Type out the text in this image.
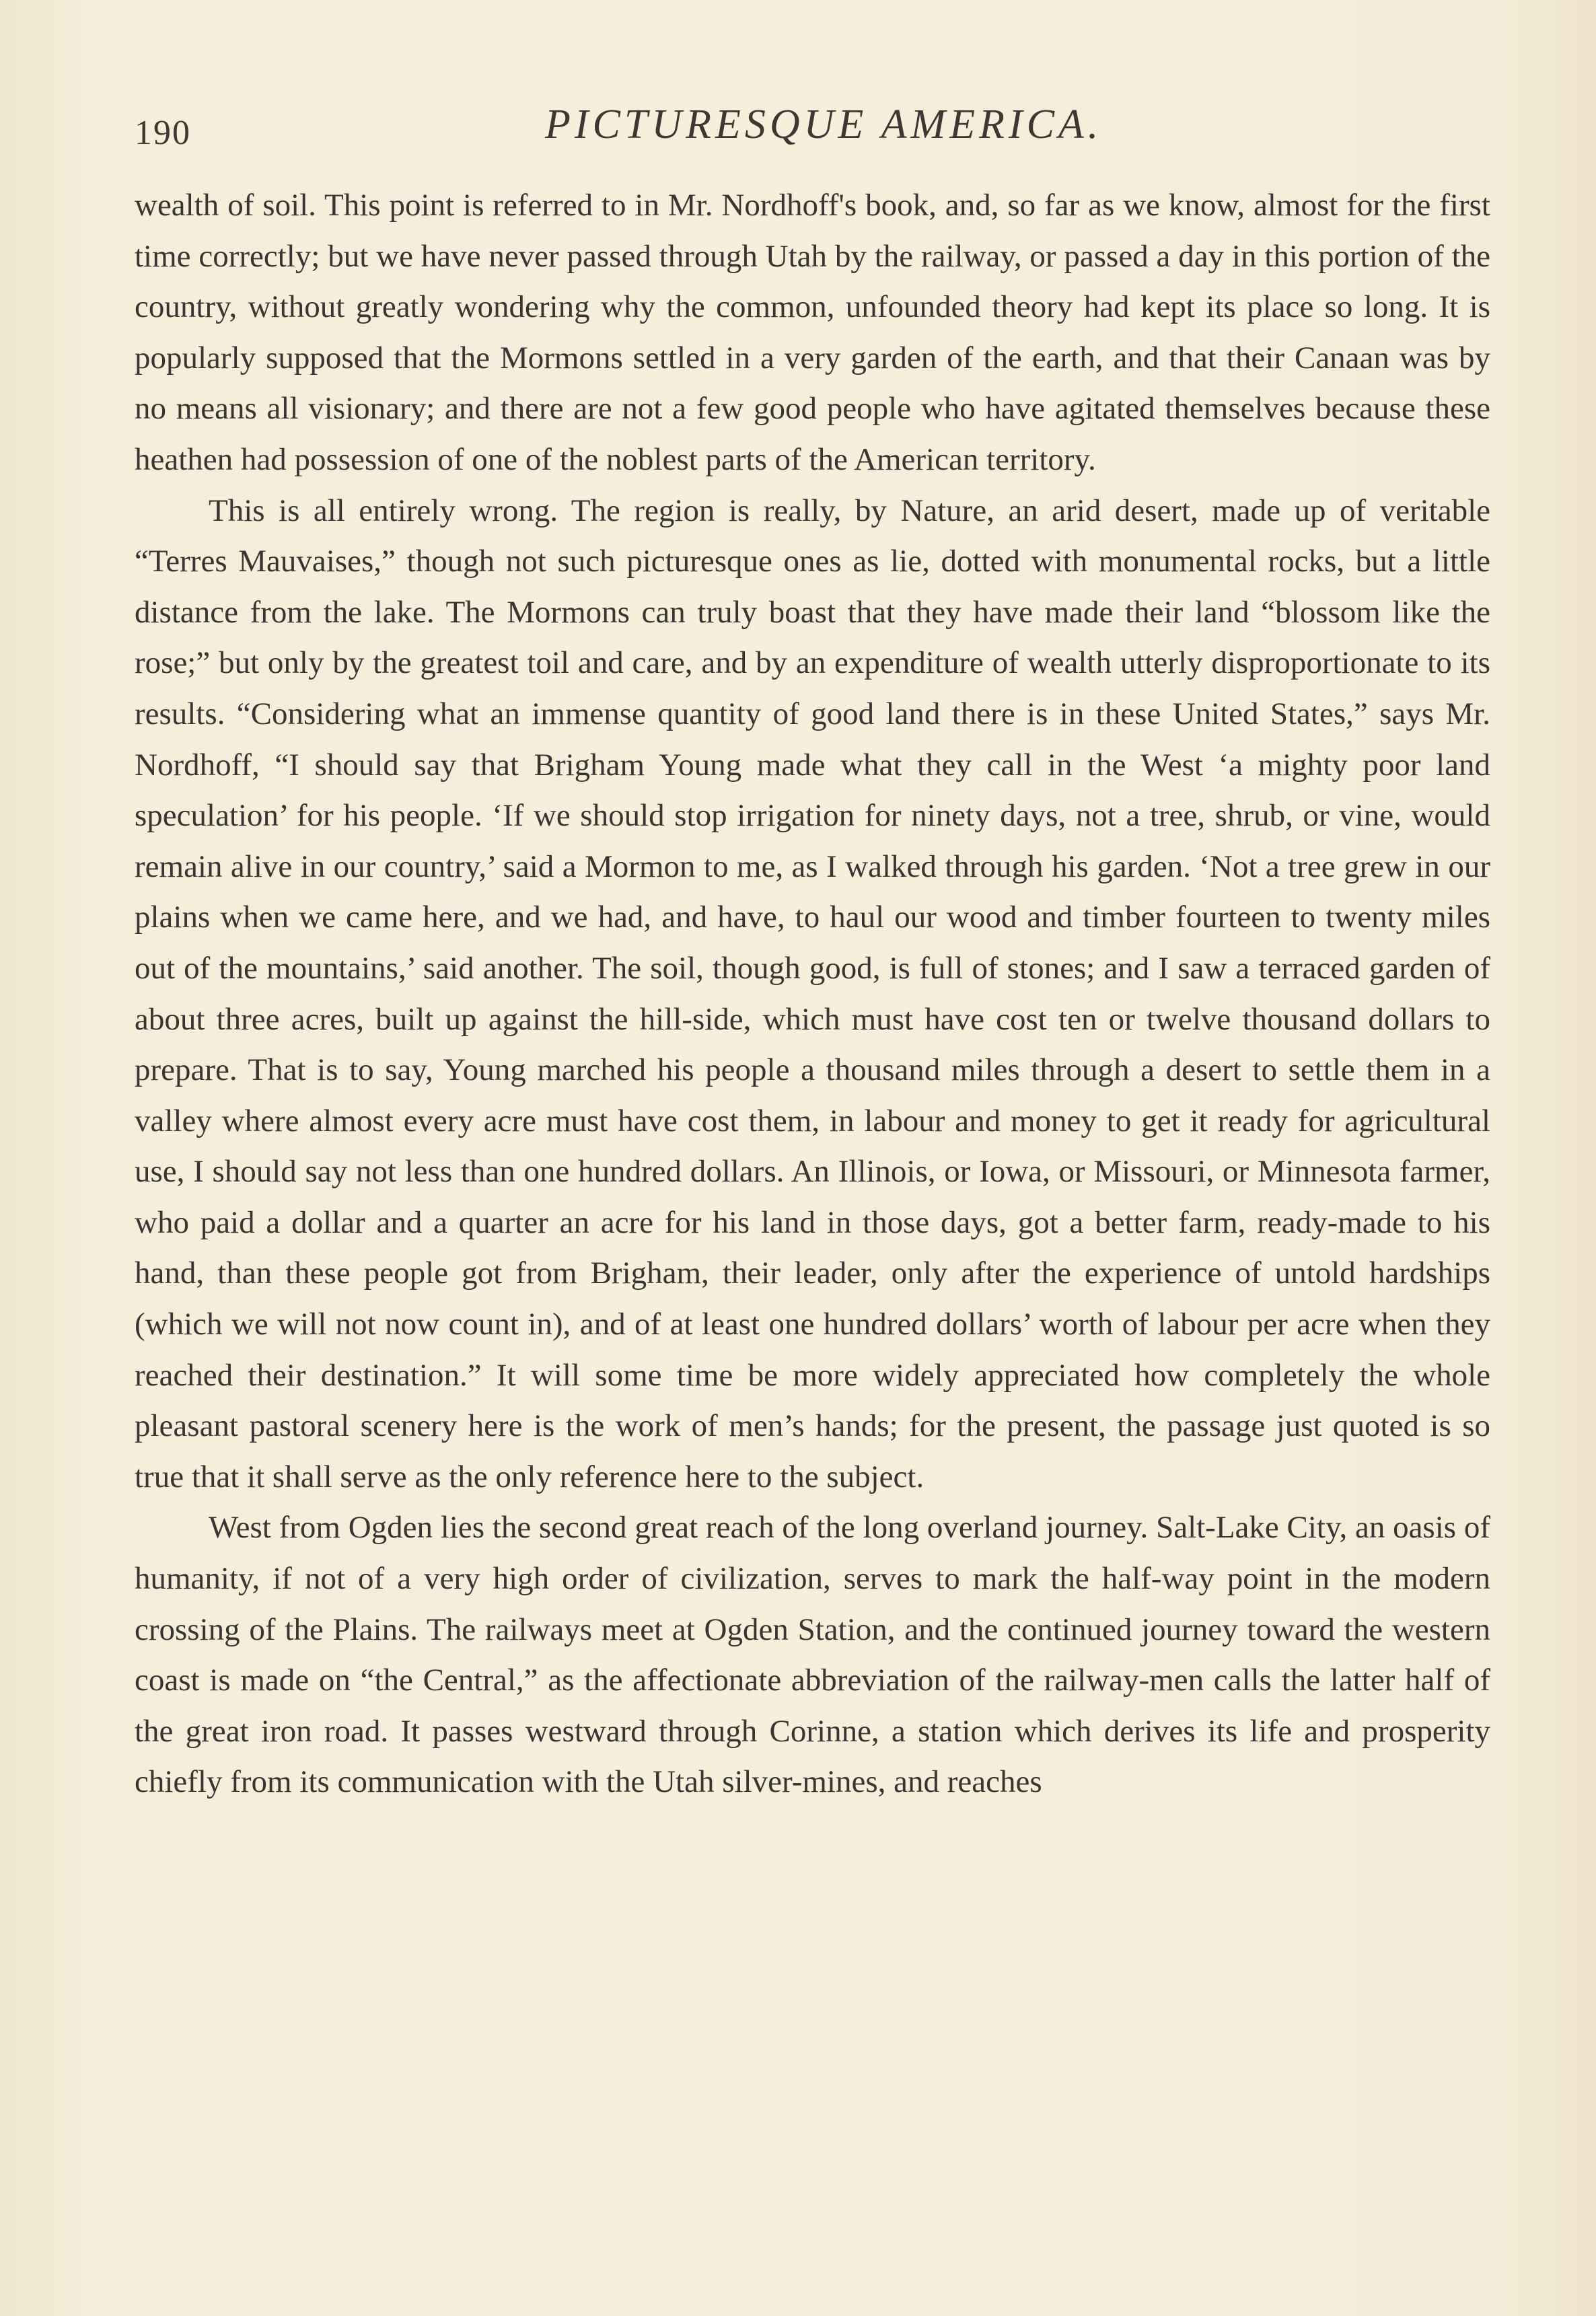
190	PICTURESQUE AMERICA.

wealth of soil. This point is referred to in Mr. Nordhoff's book, and, so far as we know, almost for the first time correctly; but we have never passed through Utah by the railway, or passed a day in this portion of the country, without greatly wondering why the common, unfounded theory had kept its place so long. It is popularly supposed that the Mormons settled in a very garden of the earth, and that their Canaan was by no means all visionary; and there are not a few good people who have agitated themselves because these heathen had possession of one of the noblest parts of the American territory.

This is all entirely wrong. The region is really, by Nature, an arid desert, made up of veritable “Terres Mauvaises,” though not such picturesque ones as lie, dotted with monumental rocks, but a little distance from the lake. The Mormons can truly boast that they have made their land “blossom like the rose;” but only by the greatest toil and care, and by an expenditure of wealth utterly disproportionate to its results. “Considering what an immense quantity of good land there is in these United States,” says Mr. Nordhoff, “I should say that Brigham Young made what they call in the West ‘a mighty poor land speculation’ for his people. ‘If we should stop irrigation for ninety days, not a tree, shrub, or vine, would remain alive in our country,’ said a Mormon to me, as I walked through his garden. ‘Not a tree grew in our plains when we came here, and we had, and have, to haul our wood and timber fourteen to twenty miles out of the mountains,’ said another. The soil, though good, is full of stones; and I saw a terraced garden of about three acres, built up against the hill-side, which must have cost ten or twelve thousand dollars to prepare. That is to say, Young marched his people a thousand miles through a desert to settle them in a valley where almost every acre must have cost them, in labour and money to get it ready for agricultural use, I should say not less than one hundred dollars. An Illinois, or Iowa, or Missouri, or Minnesota farmer, who paid a dollar and a quarter an acre for his land in those days, got a better farm, ready-made to his hand, than these people got from Brigham, their leader, only after the experience of untold hardships (which we will not now count in), and of at least one hundred dollars’ worth of labour per acre when they reached their destination.” It will some time be more widely appreciated how completely the whole pleasant pastoral scenery here is the work of men’s hands; for the present, the passage just quoted is so true that it shall serve as the only reference here to the subject.

West from Ogden lies the second great reach of the long overland journey. Salt-Lake City, an oasis of humanity, if not of a very high order of civilization, serves to mark the half-way point in the modern crossing of the Plains. The railways meet at Ogden Station, and the continued journey toward the western coast is made on “the Central,” as the affectionate abbreviation of the railway-men calls the latter half of the great iron road. It passes westward through Corinne, a station which derives its life and prosperity chiefly from its communication with the Utah silver-mines, and reaches
